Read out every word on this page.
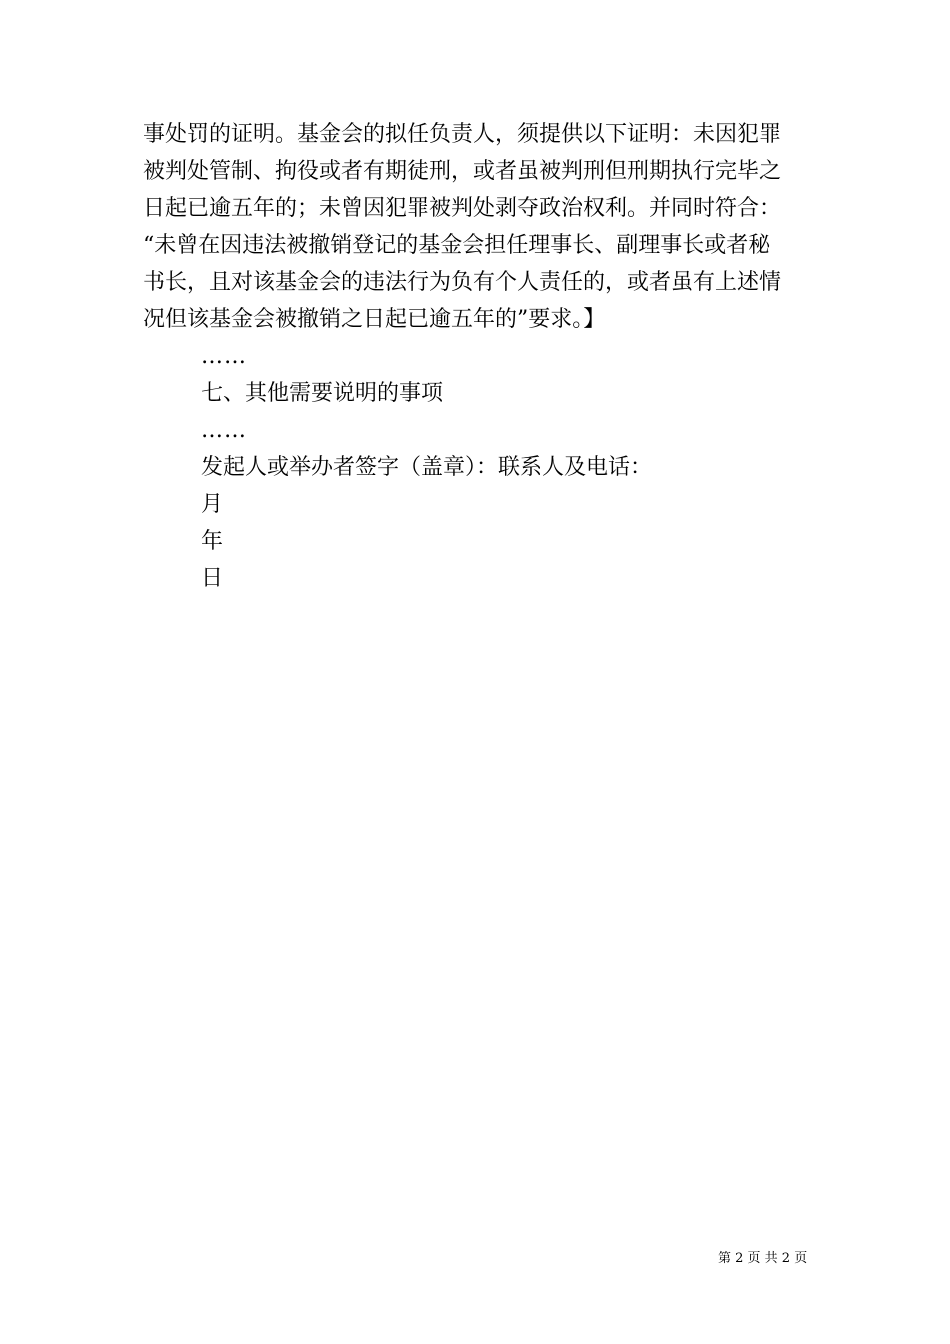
事处罚的证明。基金会的拟任负责人，须提供以下证明：未因犯罪
被判处管制、拘役或者有期徒刑，或者虽被判刑但刑期执行完毕之
日起已逾五年的；未曾因犯罪被判处剥夺政治权利。并同时符合：
“未曾在因违法被撤销登记的基金会担任理事长、副理事长或者秘
书长，且对该基金会的违法行为负有个人责任的，或者虽有上述情
况但该基金会被撤销之日起已逾五年的”要求。】
……
七、其他需要说明的事项
……
发起人或举办者签字（盖章）：联系人及电话：
月
年
日
第 2 页 共 2 页
